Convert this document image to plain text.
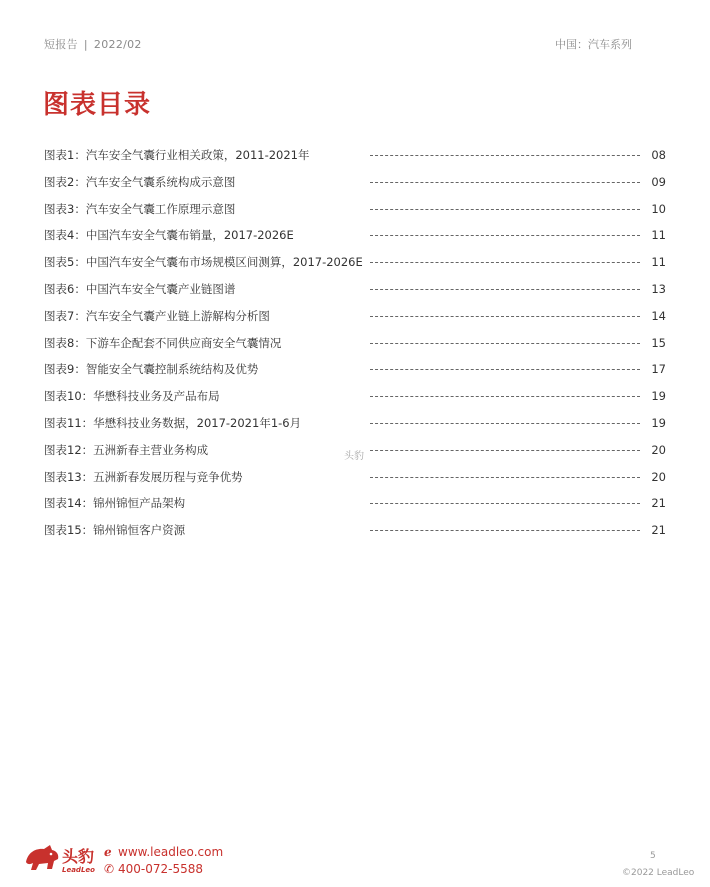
短报告 | 2022/02	中国：汽车系列
图表目录
图表1：汽车安全气囊行业相关政策，2011-2021年	08
图表2：汽车安全气囊系统构成示意图	09
图表3：汽车安全气囊工作原理示意图	10
图表4：中国汽车安全气囊布销量，2017-2026E	11
图表5：中国汽车安全气囊布市场规模区间测算，2017-2026E	11
图表6：中国汽车安全气囊产业链图谱	13
图表7：汽车安全气囊产业链上游解构分析图	14
图表8：下游车企配套不同供应商安全气囊情况	15
图表9：智能安全气囊控制系统结构及优势	17
图表10：华懋科技业务及产品布局	19
图表11：华懋科技业务数据，2017-2021年1-6月	19
图表12：五洲新春主营业务构成	20
图表13：五洲新春发展历程与竞争优势	20
图表14：锦州锦恒产品架构	21
图表15：锦州锦恒客户资源	21
头豹
头豹
LeadLeo
ℯ www.leadleo.com
✆ 400-072-5588
5
©2022 LeadLeo
